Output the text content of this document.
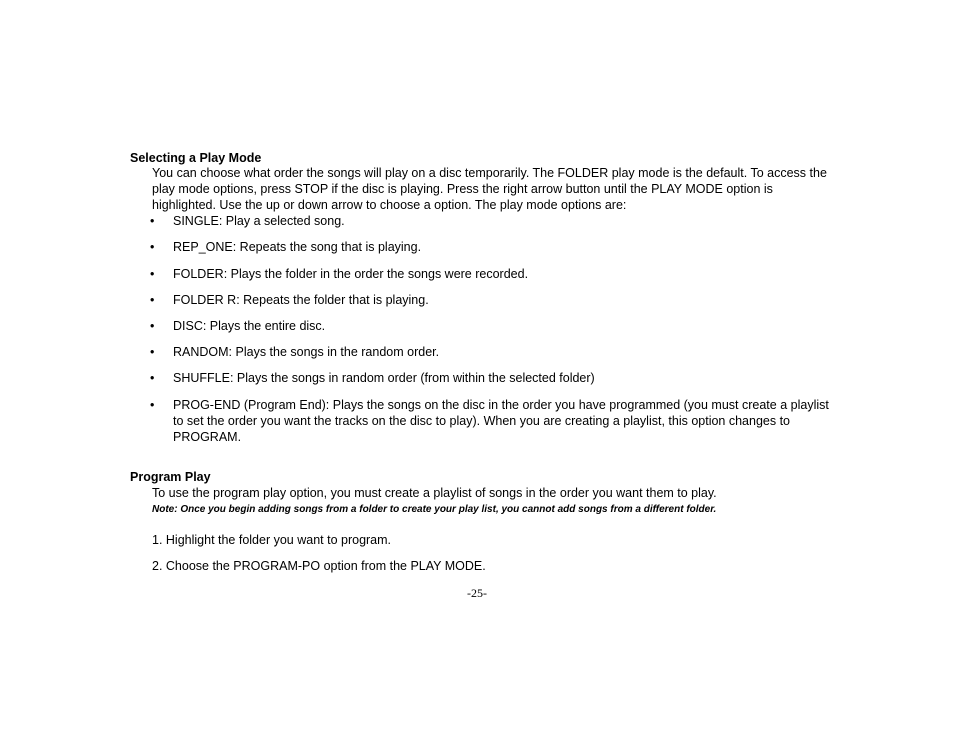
Selecting a Play Mode
You can choose what order the songs will play on a disc temporarily. The FOLDER play mode is the default. To access the play mode options, press STOP if the disc is playing. Press the right arrow button until the PLAY MODE option is highlighted. Use the up or down arrow to choose a option. The play mode options are:
•	SINGLE: Play a selected song.
•	REP_ONE: Repeats the song that is playing.
•	FOLDER: Plays the folder in the order the songs were recorded.
•	FOLDER R: Repeats the folder that is playing.
•	DISC: Plays the entire disc.
•	RANDOM: Plays the songs in the random order.
•	SHUFFLE: Plays the songs in random order (from within the selected folder)
•	PROG-END (Program End): Plays the songs on the disc in the order you have programmed (you must create a playlist to set the order you want the tracks on the disc to play). When you are creating a playlist, this option changes to PROGRAM.
Program Play
To use the program play option, you must create a playlist of songs in the order you want them to play.
Note: Once you begin adding songs from a folder to create your play list, you cannot add songs from a different folder.
1. Highlight the folder you want to program.
2. Choose the PROGRAM-PO option from the PLAY MODE.
-25-
